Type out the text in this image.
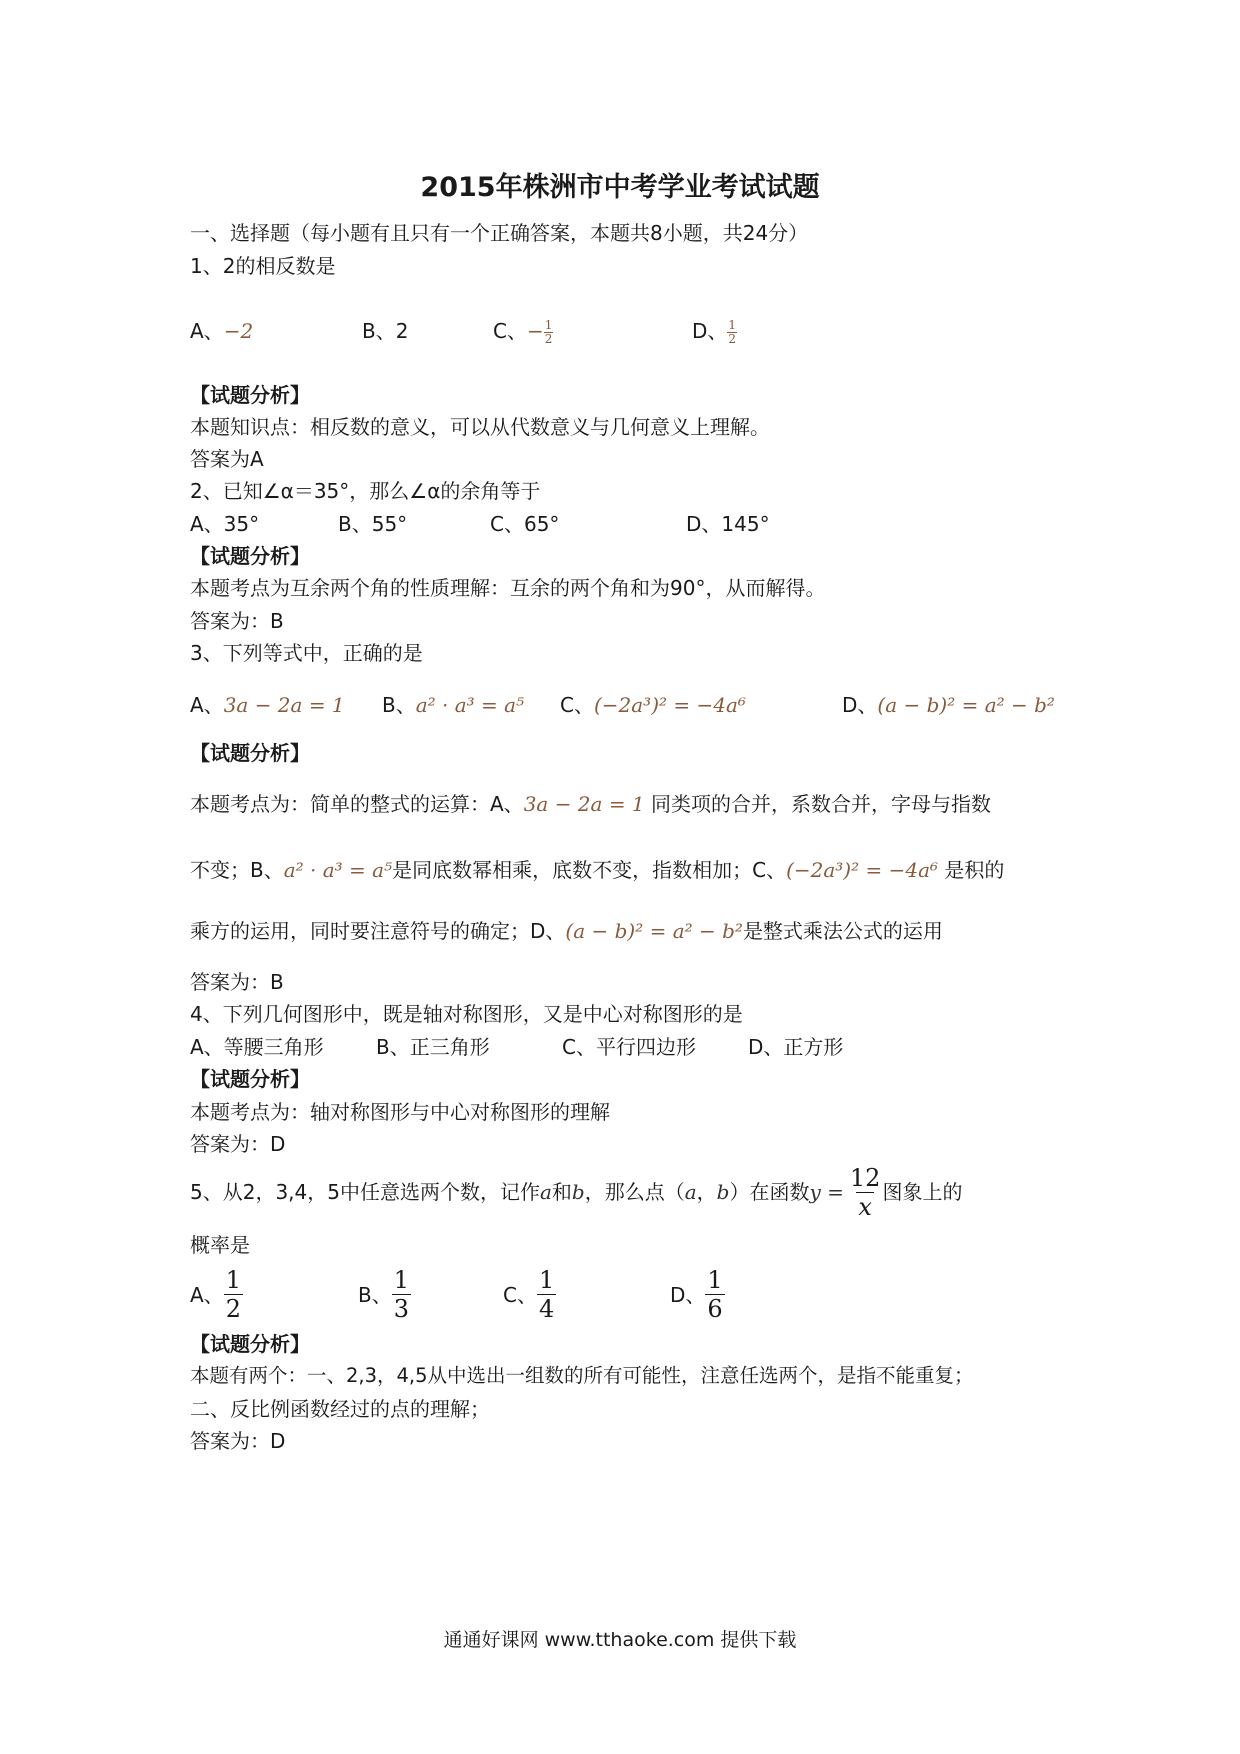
2015年株洲市中考学业考试试题
一、选择题（每小题有且只有一个正确答案，本题共8小题，共24分）
1、2的相反数是
A、−2	B、2	C、− $\frac{1}{2}$	D、 $\frac{1}{2}$
【试题分析】
本题知识点：相反数的意义，可以从代数意义与几何意义上理解。
答案为A
2、已知∠α＝35°，那么∠α的余角等于
A、35°	B、55°	C、65°	D、145°
【试题分析】
本题考点为互余两个角的性质理解：互余的两个角和为90°，从而解得。
答案为：B
3、下列等式中，正确的是
A、3a − 2a = 1 B、a² · a³ = a⁵ C、(−2a³)² = −4a⁶	D、(a − b)² = a² − b²
【试题分析】
本题考点为：简单的整式的运算：A、3a − 2a = 1 同类项的合并，系数合并，字母与指数
不变；B、a² · a³ = a⁵是同底数幂相乘，底数不变，指数相加；C、(−2a³)² = −4a⁶ 是积的
乘方的运用，同时要注意符号的确定；D、(a − b)² = a² − b²是整式乘法公式的运用
答案为：B
4、下列几何图形中，既是轴对称图形，又是中心对称图形的是
A、等腰三角形	B、正三角形	C、平行四边形	D、正方形
【试题分析】
本题考点为：轴对称图形与中心对称图形的理解
答案为：D
5、从2，3,4，5中任意选两个数，记作 a 和 b ，那么点（ a ， b ）在函数 $y = \frac{12}{x}$ 图象上的
概率是
A、 $\frac{1}{2}$	B、 $\frac{1}{3}$	C、 $\frac{1}{4}$	D、 $\frac{1}{6}$
【试题分析】
本题有两个：一、2,3，4,5从中选出一组数的所有可能性，注意任选两个，是指不能重复；
二、反比例函数经过的点的理解；
答案为：D
通通好课网 www.tthaoke.com 提供下载
